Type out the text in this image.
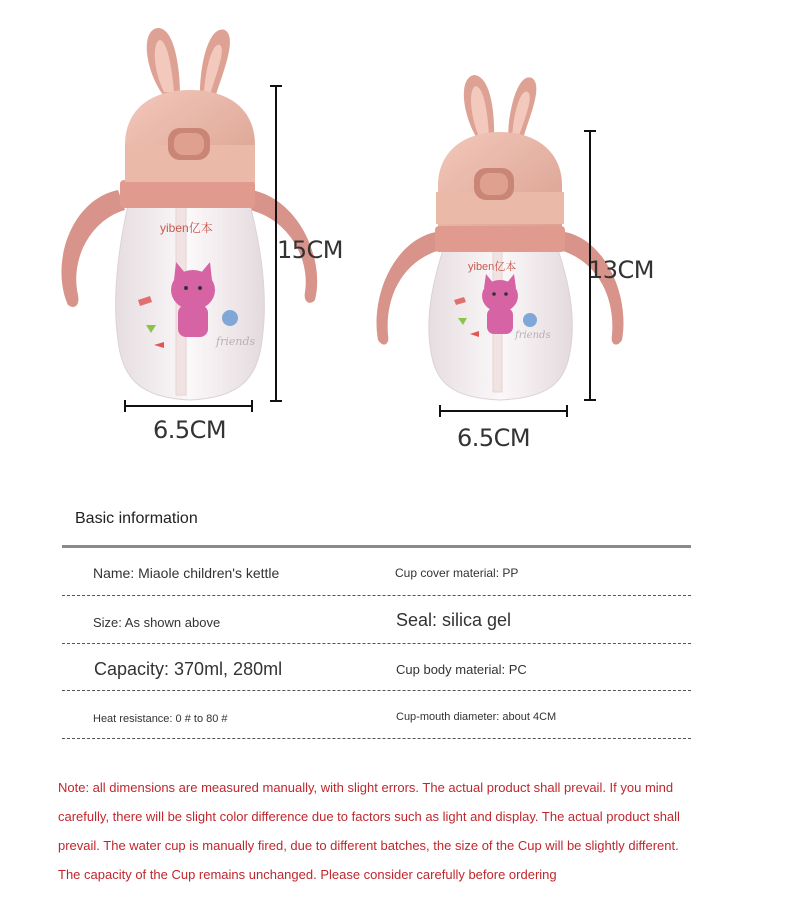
yiben亿本
friends
yiben亿本
friends
15CM
6.5CM
13CM
6.5CM
Basic information
Name: Miaole children's kettle	Cup cover material: PP
Size: As shown above	Seal: silica gel
Capacity: 370ml, 280ml	Cup body material: PC
Heat resistance: 0 # to 80 #	Cup-mouth diameter: about 4CM
Note: all dimensions are measured manually, with slight errors. The actual product shall prevail. If you mind
carefully, there will be slight color difference due to factors such as light and display. The actual product shall
prevail. The water cup is manually fired, due to different batches, the size of the Cup will be slightly different.
The capacity of the Cup remains unchanged. Please consider carefully before ordering
